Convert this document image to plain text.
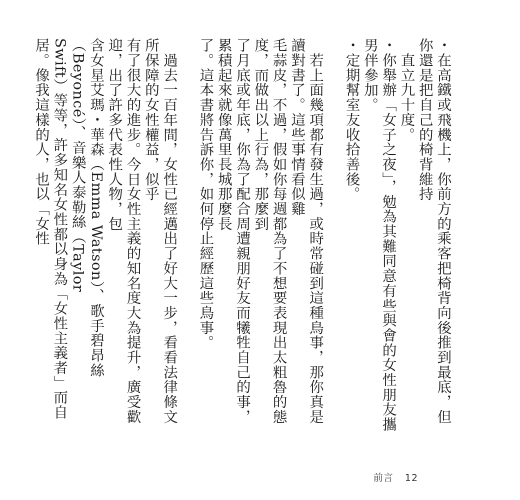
・在高鐵或飛機上，你前方的乘客把椅背向後推到最底，但你還是把自己的椅背維持
　直立九十度。

・你舉辦「女子之夜」，勉為其難同意有些與會的女性朋友攜男伴參加。

・定期幫室友收拾善後。

　若上面幾項都有發生過，或時常碰到這種鳥事，那你真是讀對書了。這些事情看似雞
毛蒜皮，不過，假如你每週都為了不想要表現出太粗魯的態度，而做出以上行為，那麼到
了月底或年底，你為了配合周遭親朋好友而犧牲自己的事，累積起來就像萬里長城那麼長
了。這本書將告訴你，如何停止經歷這些鳥事。

　過去一百年間，女性已經邁出了好大一步，看看法律條文所保障的女性權益，似乎
有了很大的進步。今日女性主義的知名度大為提升，廣受歡迎，出了許多代表性人物，包
含女星艾瑪・華森（Emma Watson）、歌手碧昂絲（Beyoncé）、音樂人泰勒絲（Taylor
Swift）等等，許多知名女性都以身為「女性主義者」而自居。像我這樣的人，也以「女性

前言 12
